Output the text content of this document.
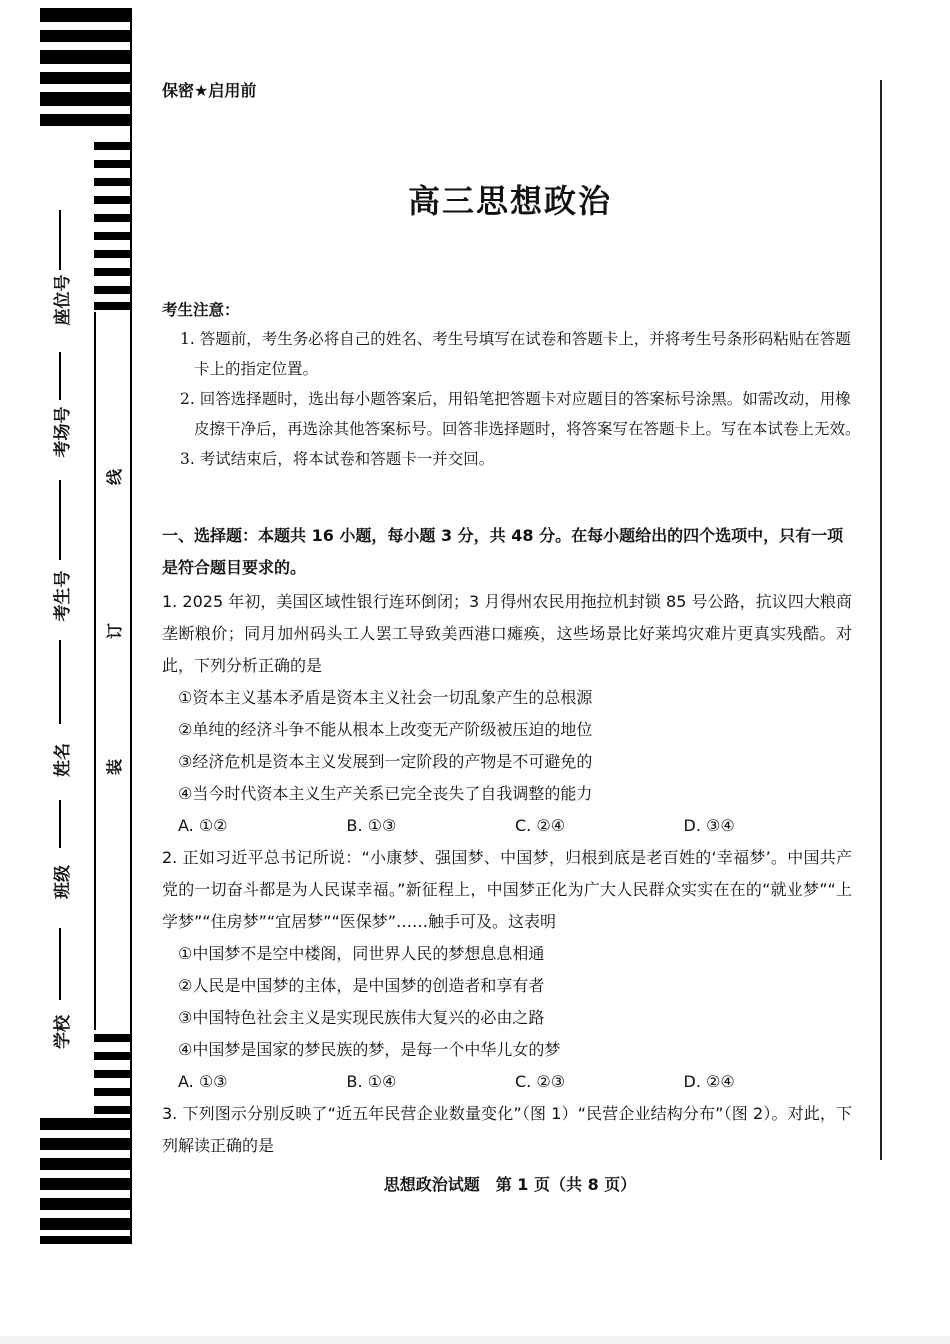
座位号
考场号
考生号
姓名
班级
学校
线
订
装
保密★启用前
高三思想政治
考生注意：
1. 答题前，考生务必将自己的姓名、考生号填写在试卷和答题卡上，并将考生号条形码粘贴在答题卡上的指定位置。
2. 回答选择题时，选出每小题答案后，用铅笔把答题卡对应题目的答案标号涂黑。如需改动，用橡皮擦干净后，再选涂其他答案标号。回答非选择题时，将答案写在答题卡上。写在本试卷上无效。
3. 考试结束后，将本试卷和答题卡一并交回。
一、选择题：本题共 16 小题，每小题 3 分，共 48 分。在每小题给出的四个选项中，只有一项是符合题目要求的。
1. 2025 年初，美国区域性银行连环倒闭；3 月得州农民用拖拉机封锁 85 号公路，抗议四大粮商垄断粮价；同月加州码头工人罢工导致美西港口瘫痪，这些场景比好莱坞灾难片更真实残酷。对此，下列分析正确的是
①资本主义基本矛盾是资本主义社会一切乱象产生的总根源
②单纯的经济斗争不能从根本上改变无产阶级被压迫的地位
③经济危机是资本主义发展到一定阶段的产物是不可避免的
④当今时代资本主义生产关系已完全丧失了自我调整的能力
A. ①②	B. ①③	C. ②④	D. ③④
2. 正如习近平总书记所说：“小康梦、强国梦、中国梦，归根到底是老百姓的‘幸福梦’。中国共产党的一切奋斗都是为人民谋幸福。”新征程上，中国梦正化为广大人民群众实实在在的“就业梦”“上学梦”“住房梦”“宜居梦”“医保梦”……触手可及。这表明
①中国梦不是空中楼阁，同世界人民的梦想息息相通
②人民是中国梦的主体，是中国梦的创造者和享有者
③中国特色社会主义是实现民族伟大复兴的必由之路
④中国梦是国家的梦民族的梦，是每一个中华儿女的梦
A. ①③	B. ①④	C. ②③	D. ②④
3. 下列图示分别反映了“近五年民营企业数量变化”（图 1）“民营企业结构分布”（图 2）。对此，下列解读正确的是
思想政治试题　第 1 页（共 8 页）
